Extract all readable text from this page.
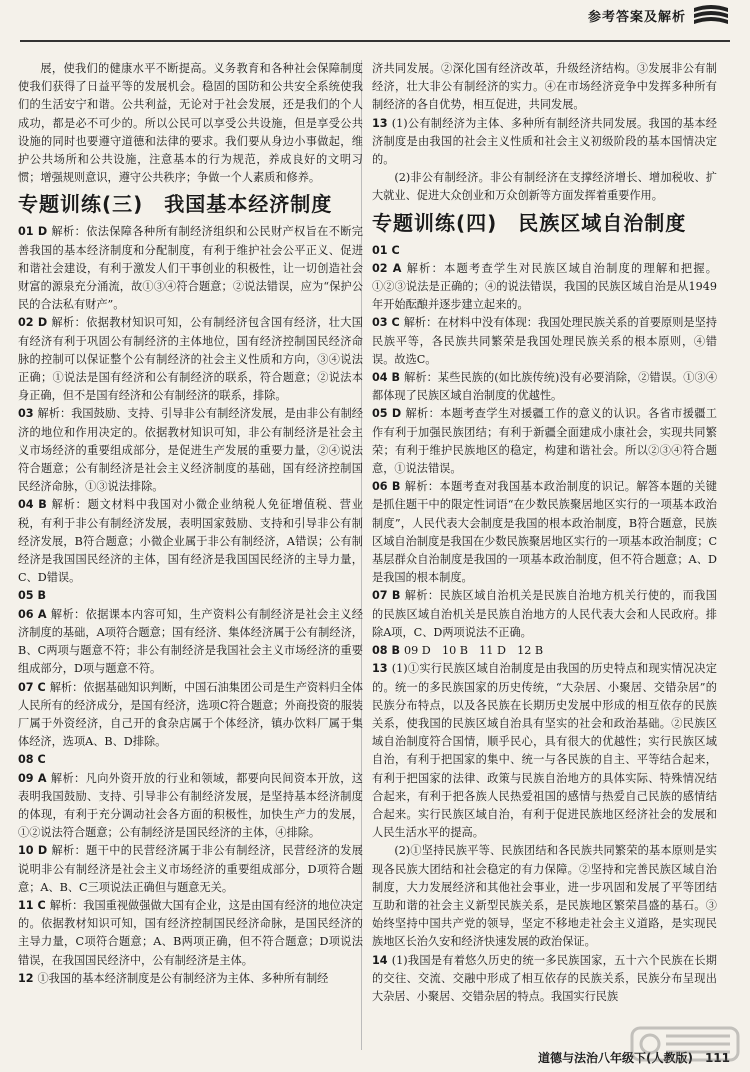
参考答案及解析

展，使我们的健康水平不断提高。义务教育和各种社会保障制度使我们获得了日益平等的发展机会。稳固的国防和公共安全系统使我们的生活安宁和谐。公共利益，无论对于社会发展，还是我们的个人成功，都是必不可少的。所以公民可以享受公共设施，但是享受公共设施的同时也要遵守道德和法律的要求。我们要从身边小事做起，维护公共场所和公共设施，注意基本的行为规范，养成良好的文明习惯；增强规则意识，遵守公共秩序；争做一个人素质和修养。

专题训练(三)　我国基本经济制度

01 D 解析：依法保障各种所有制经济组织和公民财产权旨在不断完善我国的基本经济制度和分配制度，有利于维护社会公平正义、促进和谐社会建设，有利于激发人们干事创业的积极性，让一切创造社会财富的源泉充分涌流，故①③④符合题意；②说法错误，应为“保护公民的合法私有财产”。

02 D 解析：依据教材知识可知，公有制经济包含国有经济，壮大国有经济有利于巩固公有制经济的主体地位，国有经济控制国民经济命脉的控制可以保证整个公有制经济的社会主义性质和方向，③④说法正确；①说法是国有经济和公有制经济的联系，符合题意；②说法本身正确，但不是国有经济和公有制经济的联系，排除。

03 解析：我国鼓励、支持、引导非公有制经济发展，是由非公有制经济的地位和作用决定的。依据教材知识可知，非公有制经济是社会主义市场经济的重要组成部分，是促进生产发展的重要力量，②④说法符合题意；公有制经济是社会主义经济制度的基础，国有经济控制国民经济命脉，①③说法排除。

04 B 解析：题文材料中我国对小微企业纳税人免征增值税、营业税，有利于非公有制经济发展，表明国家鼓励、支持和引导非公有制经济发展，B符合题意；小微企业属于非公有制经济，A错误；公有制经济是我国国民经济的主体，国有经济是我国国民经济的主导力量，C、D错误。

05 B

06 A 解析：依据课本内容可知，生产资料公有制经济是社会主义经济制度的基础，A项符合题意；国有经济、集体经济属于公有制经济，B、C两项与题意不符；非公有制经济是我国社会主义市场经济的重要组成部分，D项与题意不符。

07 C 解析：依据基础知识判断，中国石油集团公司是生产资料归全体人民所有的经济成分，是国有经济，选项C符合题意；外商投资的服装厂属于外资经济，自己开的食杂店属于个体经济，镇办饮料厂属于集体经济，选项A、B、D排除。

08 C

09 A 解析：凡向外资开放的行业和领域，都要向民间资本开放，这表明我国鼓励、支持、引导非公有制经济发展，是坚持基本经济制度的体现，有利于充分调动社会各方面的积极性，加快生产力的发展，①②说法符合题意；公有制经济是国民经济的主体，④排除。

10 D 解析：题干中的民营经济属于非公有制经济，民营经济的发展说明非公有制经济是社会主义市场经济的重要组成部分，D项符合题意；A、B、C三项说法正确但与题意无关。

11 C 解析：我国重视做强做大国有企业，这是由国有经济的地位决定的。依据教材知识可知，国有经济控制国民经济命脉，是国民经济的主导力量，C项符合题意；A、B两项正确，但不符合题意；D项说法错误，在我国国民经济中，公有制经济是主体。

12 ①我国的基本经济制度是公有制经济为主体、多种所有制经

济共同发展。②深化国有经济改革，升级经济结构。③发展非公有制经济，壮大非公有制经济的实力。④在市场经济竞争中发挥多种所有制经济的各自优势，相互促进，共同发展。

13 (1)公有制经济为主体、多种所有制经济共同发展。我国的基本经济制度是由我国的社会主义性质和社会主义初级阶段的基本国情决定的。

(2)非公有制经济。非公有制经济在支撑经济增长、增加税收、扩大就业、促进大众创业和万众创新等方面发挥着重要作用。

专题训练(四)　民族区域自治制度

01 C

02 A 解析：本题考查学生对民族区域自治制度的理解和把握。①②③说法是正确的；④的说法错误，我国的民族区域自治是从1949年开始酝酿并逐步建立起来的。

03 C 解析：在材料中没有体现：我国处理民族关系的首要原则是坚持民族平等，各民族共同繁荣是我国处理民族关系的根本原则，④错误。故选C。

04 B 解析：某些民族的(如比族传统)没有必要消除，②错误。①③④都体现了民族区域自治制度的优越性。

05 D 解析：本题考查学生对援疆工作的意义的认识。各省市援疆工作有利于加强民族团结；有利于新疆全面建成小康社会，实现共同繁荣；有利于维护民族地区的稳定，构建和谐社会。所以②③④符合题意，①说法错误。

06 B 解析：本题考查对我国基本政治制度的识记。解答本题的关键是抓住题干中的限定性词语“在少数民族聚居地区实行的一项基本政治制度”，人民代表大会制度是我国的根本政治制度，B符合题意，民族区域自治制度是我国在少数民族聚居地区实行的一项基本政治制度；C基层群众自治制度是我国的一项基本政治制度，但不符合题意；A、D是我国的根本制度。

07 B 解析：民族区域自治机关是民族自治地方机关行使的，而我国的民族区域自治机关是民族自治地方的人民代表大会和人民政府。排除A项，C、D两项说法不正确。

08 B 09 D　10 B　11 D　12 B

13 (1)①实行民族区域自治制度是由我国的历史特点和现实情况决定的。统一的多民族国家的历史传统，“大杂居、小聚居、交错杂居”的民族分布特点，以及各民族在长期历史发展中形成的相互依存的民族关系，使我国的民族区域自治具有坚实的社会和政治基础。②民族区域自治制度符合国情，顺乎民心，具有很大的优越性；实行民族区域自治，有利于把国家的集中、统一与各民族的自主、平等结合起来，有利于把国家的法律、政策与民族自治地方的具体实际、特殊情况结合起来，有利于把各族人民热爱祖国的感情与热爱自己民族的感情结合起来。实行民族区域自治，有利于促进民族地区经济社会的发展和人民生活水平的提高。

(2)①坚持民族平等、民族团结和各民族共同繁荣的基本原则是实现各民族大团结和社会稳定的有力保障。②坚持和完善民族区域自治制度，大力发展经济和其他社会事业，进一步巩固和发展了平等团结互助和谐的社会主义新型民族关系，是民族地区繁荣昌盛的基石。③始终坚持中国共产党的领导，坚定不移地走社会主义道路，是实现民族地区长治久安和经济快速发展的政治保证。

14 (1)我国是有着悠久历史的统一多民族国家，五十六个民族在长期的交往、交流、交融中形成了相互依存的民族关系，民族分布呈现出大杂居、小聚居、交错杂居的特点。我国实行民族

道德与法治八年级下(人教版)　111
